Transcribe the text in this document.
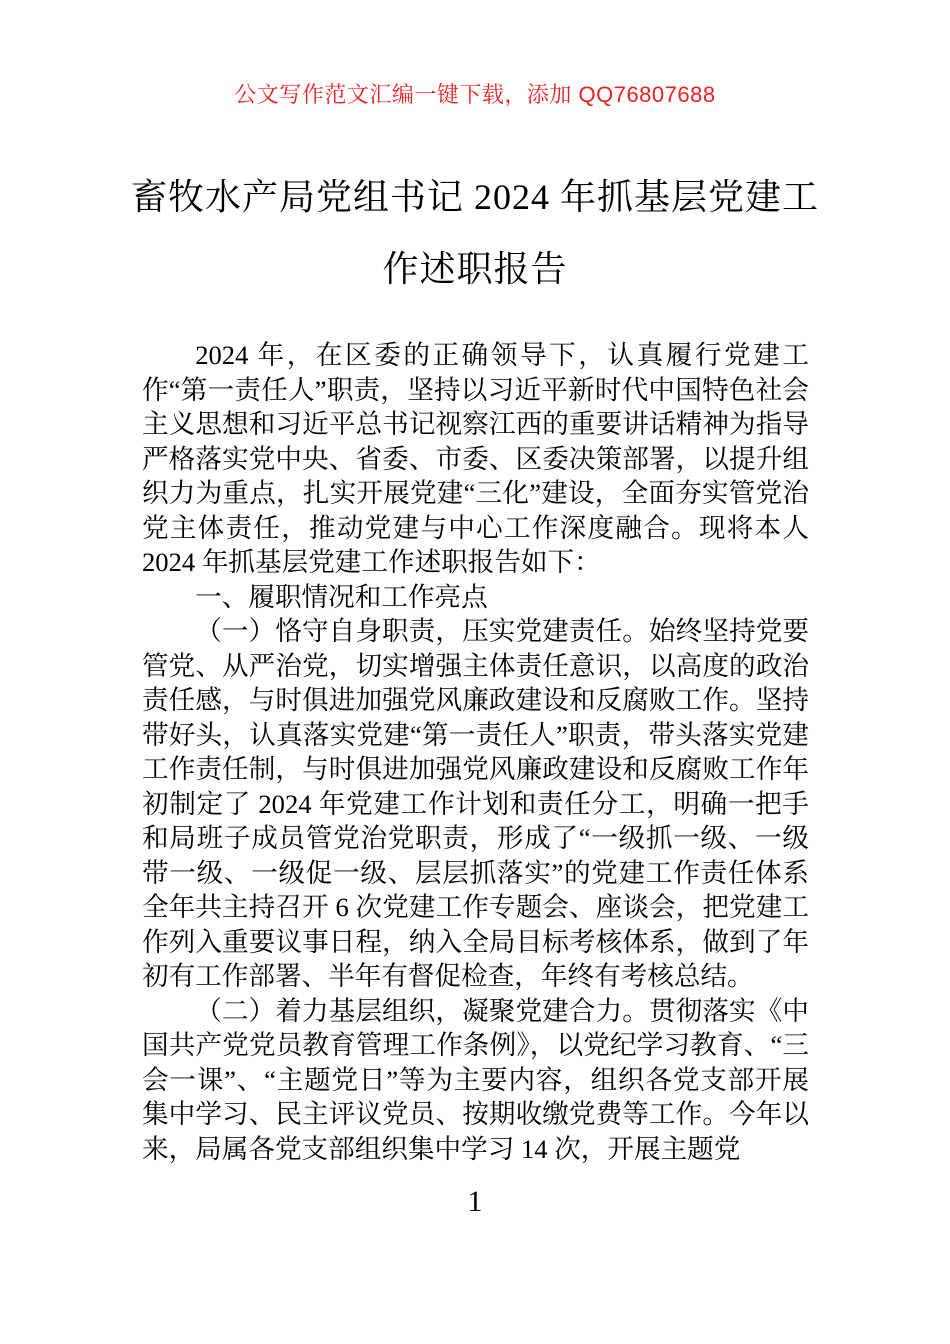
公文写作范文汇编一键下载，添加 QQ76807688
畜牧水产局党组书记 2024 年抓基层党建工
作述职报告

2024 年，在区委的正确领导下，认真履行党建工作“第一责任人”职责，坚持以习近平新时代中国特色社会主义思想和习近平总书记视察江西的重要讲话精神为指导严格落实党中央、省委、市委、区委决策部署，以提升组织力为重点，扎实开展党建“三化”建设，全面夯实管党治党主体责任，推动党建与中心工作深度融合。现将本人 2024 年抓基层党建工作述职报告如下：

一、履职情况和工作亮点

（一）恪守自身职责，压实党建责任。始终坚持党要管党、从严治党，切实增强主体责任意识，以高度的政治责任感，与时俱进加强党风廉政建设和反腐败工作。坚持带好头，认真落实党建“第一责任人”职责，带头落实党建工作责任制，与时俱进加强党风廉政建设和反腐败工作年初制定了 2024 年党建工作计划和责任分工，明确一把手和局班子成员管党治党职责，形成了“一级抓一级、一级带一级、一级促一级、层层抓落实”的党建工作责任体系全年共主持召开 6 次党建工作专题会、座谈会，把党建工作列入重要议事日程，纳入全局目标考核体系，做到了年初有工作部署、半年有督促检查，年终有考核总结。

（二）着力基层组织，凝聚党建合力。贯彻落实《中国共产党党员教育管理工作条例》，以党纪学习教育、“三会一课”、“主题党日”等为主要内容，组织各党支部开展集中学习、民主评议党员、按期收缴党费等工作。今年以来，局属各党支部组织集中学习 14 次，开展主题党

1
